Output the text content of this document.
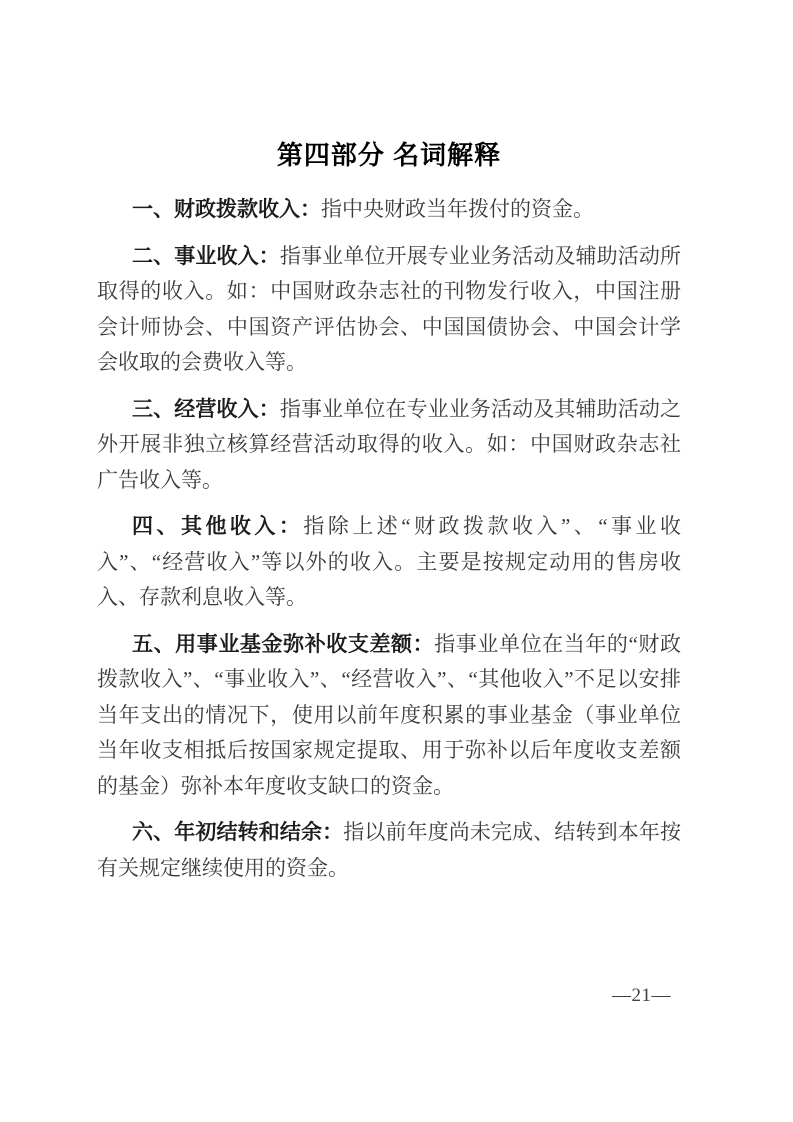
第四部分 名词解释

一、财政拨款收入：指中央财政当年拨付的资金。

二、事业收入：指事业单位开展专业业务活动及辅助活动所取得的收入。如：中国财政杂志社的刊物发行收入，中国注册会计师协会、中国资产评估协会、中国国债协会、中国会计学会收取的会费收入等。

三、经营收入：指事业单位在专业业务活动及其辅助活动之外开展非独立核算经营活动取得的收入。如：中国财政杂志社广告收入等。

四、其他收入：指除上述“财政拨款收入”、“事业收入”、“经营收入”等以外的收入。主要是按规定动用的售房收入、存款利息收入等。

五、用事业基金弥补收支差额：指事业单位在当年的“财政拨款收入”、“事业收入”、“经营收入”、“其他收入”不足以安排当年支出的情况下，使用以前年度积累的事业基金（事业单位当年收支相抵后按国家规定提取、用于弥补以后年度收支差额的基金）弥补本年度收支缺口的资金。

六、年初结转和结余：指以前年度尚未完成、结转到本年按有关规定继续使用的资金。

—21—
